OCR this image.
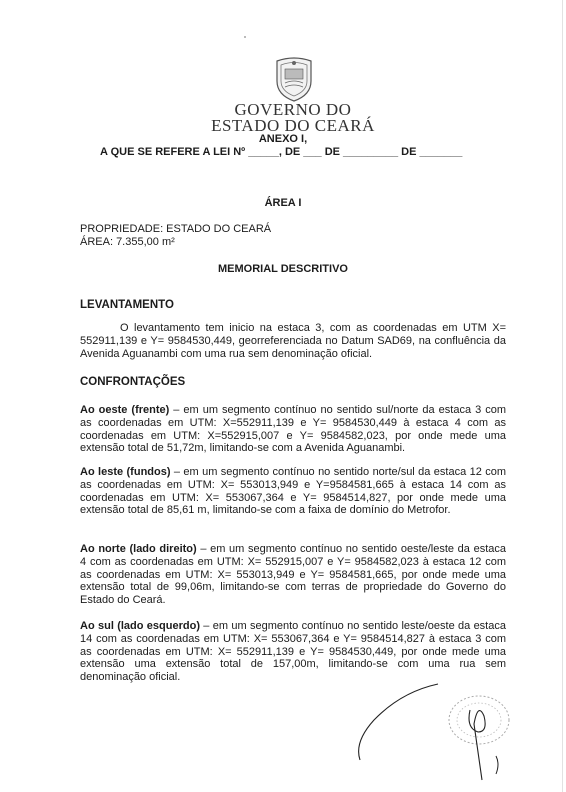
GOVERNO DO
ESTADO DO CEARÁ
ANEXO I,
A QUE SE REFERE A LEI Nº _____, DE ___ DE _________ DE _______
ÁREA I
PROPRIEDADE: ESTADO DO CEARÁ
ÁREA: 7.355,00 m²
MEMORIAL DESCRITIVO
LEVANTAMENTO
O levantamento tem inicio na estaca 3, com as coordenadas em UTM X= 552911,139 e Y= 9584530,449, georreferenciada no Datum SAD69, na confluência da Avenida Aguanambi com uma rua sem denominação oficial.
CONFRONTAÇÕES
Ao oeste (frente) – em um segmento contínuo no sentido sul/norte da estaca 3 com as coordenadas em UTM: X=552911,139 e Y= 9584530,449 à estaca 4 com as coordenadas em UTM: X=552915,007 e Y= 9584582,023, por onde mede uma extensão total de 51,72m, limitando-se com a Avenida Aguanambi.
Ao leste (fundos) – em um segmento contínuo no sentido norte/sul da estaca 12 com as coordenadas em UTM: X= 553013,949 e Y=9584581,665 à estaca 14 com as coordenadas em UTM: X= 553067,364 e Y= 9584514,827, por onde mede uma extensão total de 85,61 m, limitando-se com a faixa de domínio do Metrofor.
Ao norte (lado direito) – em um segmento contínuo no sentido oeste/leste da estaca 4 com as coordenadas em UTM: X= 552915,007 e Y= 9584582,023 à estaca 12 com as coordenadas em UTM: X= 553013,949 e Y= 9584581,665, por onde mede uma extensão total de 99,06m, limitando-se com terras de propriedade do Governo do Estado do Ceará.
Ao sul (lado esquerdo) – em um segmento contínuo no sentido leste/oeste da estaca 14 com as coordenadas em UTM: X= 553067,364 e Y= 9584514,827 à estaca 3 com as coordenadas em UTM: X= 552911,139 e Y= 9584530,449, por onde mede uma extensão uma extensão total de 157,00m, limitando-se com uma rua sem denominação oficial.
